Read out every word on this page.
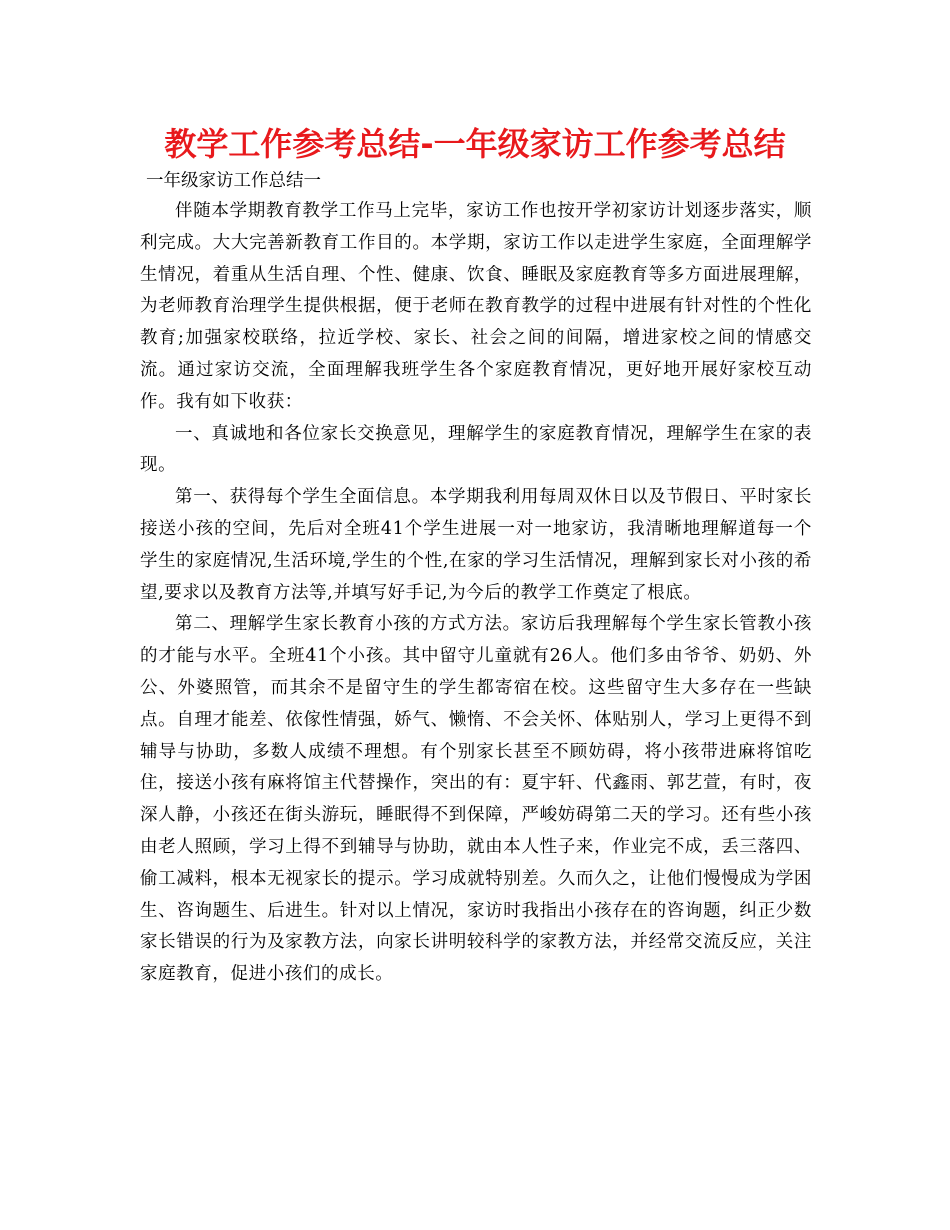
教学工作参考总结-一年级家访工作参考总结
一年级家访工作总结一

伴随本学期教育教学工作马上完毕，家访工作也按开学初家访计划逐步落实，顺利完成。大大完善新教育工作目的。本学期，家访工作以走进学生家庭，全面理解学生情况，着重从生活自理、个性、健康、饮食、睡眠及家庭教育等多方面进展理解，为老师教育治理学生提供根据，便于老师在教育教学的过程中进展有针对性的个性化教育;加强家校联络，拉近学校、家长、社会之间的间隔，增进家校之间的情感交流。通过家访交流，全面理解我班学生各个家庭教育情况，更好地开展好家校互动作。我有如下收获：

一、真诚地和各位家长交换意见，理解学生的家庭教育情况，理解学生在家的表现。

第一、获得每个学生全面信息。本学期我利用每周双休日以及节假日、平时家长接送小孩的空间，先后对全班41个学生进展一对一地家访，我清晰地理解道每一个学生的家庭情况,生活环境,学生的个性,在家的学习生活情况，理解到家长对小孩的希望,要求以及教育方法等,并填写好手记,为今后的教学工作奠定了根底。

第二、理解学生家长教育小孩的方式方法。家访后我理解每个学生家长管教小孩的才能与水平。全班41个小孩。其中留守儿童就有26人。他们多由爷爷、奶奶、外公、外婆照管，而其余不是留守生的学生都寄宿在校。这些留守生大多存在一些缺点。自理才能差、依傢性情强，娇气、懒惰、不会关怀、体贴别人，学习上更得不到辅导与协助，多数人成绩不理想。有个别家长甚至不顾妨碍，将小孩带进麻将馆吃住，接送小孩有麻将馆主代替操作，突出的有：夏宇轩、代鑫雨、郭艺萱，有时，夜深人静，小孩还在街头游玩，睡眠得不到保障，严峻妨碍第二天的学习。还有些小孩由老人照顾，学习上得不到辅导与协助，就由本人性子来，作业完不成，丢三落四、偷工减料，根本无视家长的提示。学习成就特别差。久而久之，让他们慢慢成为学困生、咨询题生、后进生。针对以上情况，家访时我指出小孩存在的咨询题，纠正少数家长错误的行为及家教方法，向家长讲明较科学的家教方法，并经常交流反应，关注家庭教育，促进小孩们的成长。
